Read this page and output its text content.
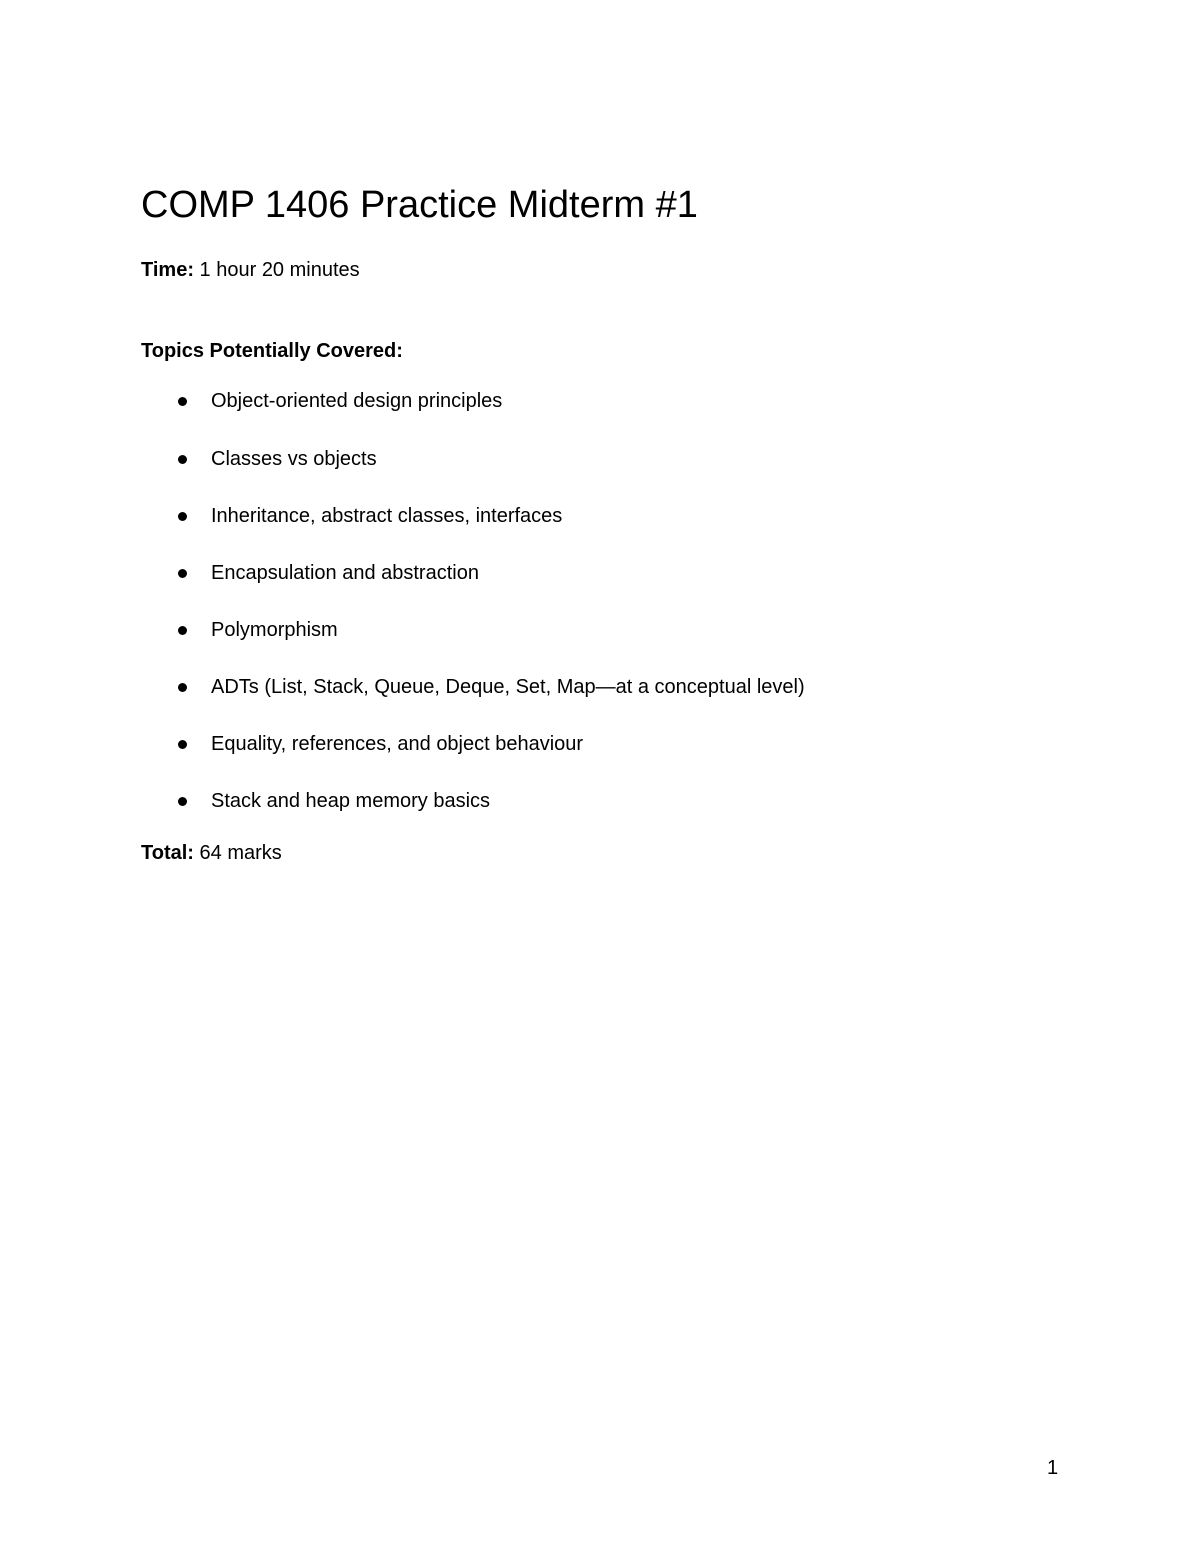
COMP 1406 Practice Midterm #1
Time: 1 hour 20 minutes
Topics Potentially Covered:
Object-oriented design principles
Classes vs objects
Inheritance, abstract classes, interfaces
Encapsulation and abstraction
Polymorphism
ADTs (List, Stack, Queue, Deque, Set, Map—at a conceptual level)
Equality, references, and object behaviour
Stack and heap memory basics
Total: 64 marks
1
